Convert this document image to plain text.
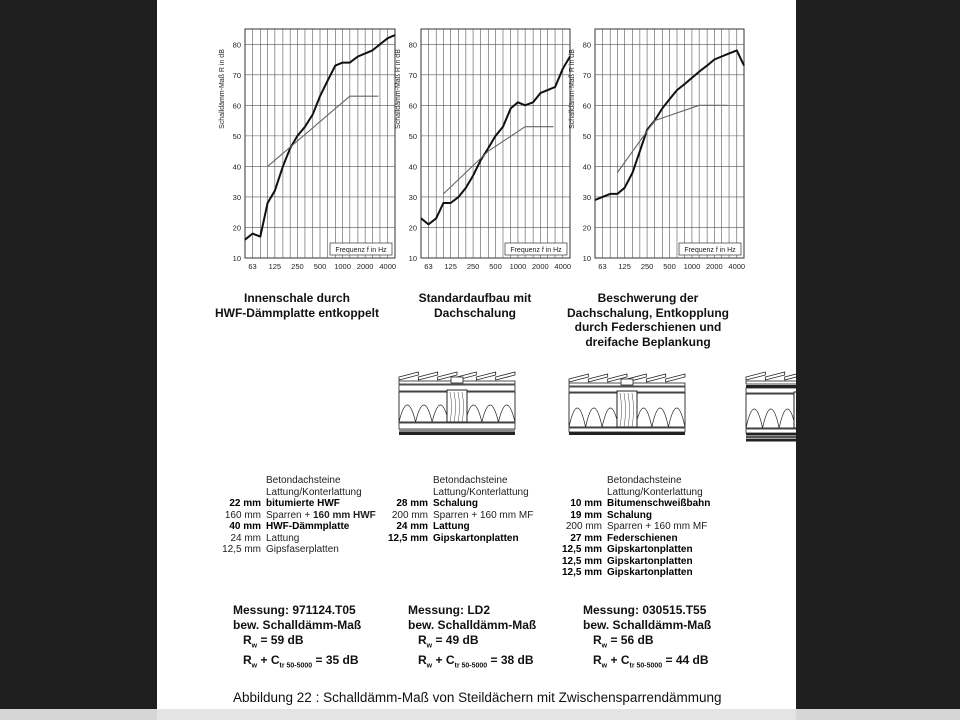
10
20
30
40
50
60
70
80
63 125 250 500 1000 2000 4000
Schalldämm-Maß R in dB
Frequenz f in Hz
10
20
30
40
50
60
70
80
63 125 250 500 1000 2000 4000
Schalldämm-Maß R in dB
Frequenz f in Hz
10
20
30
40
50
60
70
80
63 125 250 500 1000 2000 4000
Schalldämm-Maß R in dB
Frequenz f in Hz
Innenschale durch
HWF-Dämmplatte entkoppelt
Standardaufbau mit
Dachschalung
Beschwerung der
Dachschalung, Entkopplung
durch Federschienen und
dreifache Beplankung
Betondachsteine
Lattung/Konterlattung
22 mm bitumierte HWF
160 mm Sparren + 160 mm HWF
40 mm HWF-Dämmplatte
24 mm Lattung
12,5 mm Gipsfaserplatten
Betondachsteine
Lattung/Konterlattung
28 mm Schalung
200 mm Sparren + 160 mm MF
24 mm Lattung
12,5 mm Gipskartonplatten
Betondachsteine
Lattung/Konterlattung
10 mm Bitumenschweißbahn
19 mm Schalung
200 mm Sparren + 160 mm MF
27 mm Federschienen
12,5 mm Gipskartonplatten
12,5 mm Gipskartonplatten
12,5 mm Gipskartonplatten
Messung: 971124.T05
bew. Schalldämm-Maß
$R_w = 59$ dB
$R_w + C_{tr 50-5000} = 35$ dB
Messung: LD2
bew. Schalldämm-Maß
$R_w = 49$ dB
$R_w + C_{tr 50-5000} = 38$ dB
Messung: 030515.T55
bew. Schalldämm-Maß
$R_w = 56$ dB
$R_w + C_{tr 50-5000} = 44$ dB
Abbildung 22 : Schalldämm-Maß von Steildächern mit Zwischensparrendämmung
